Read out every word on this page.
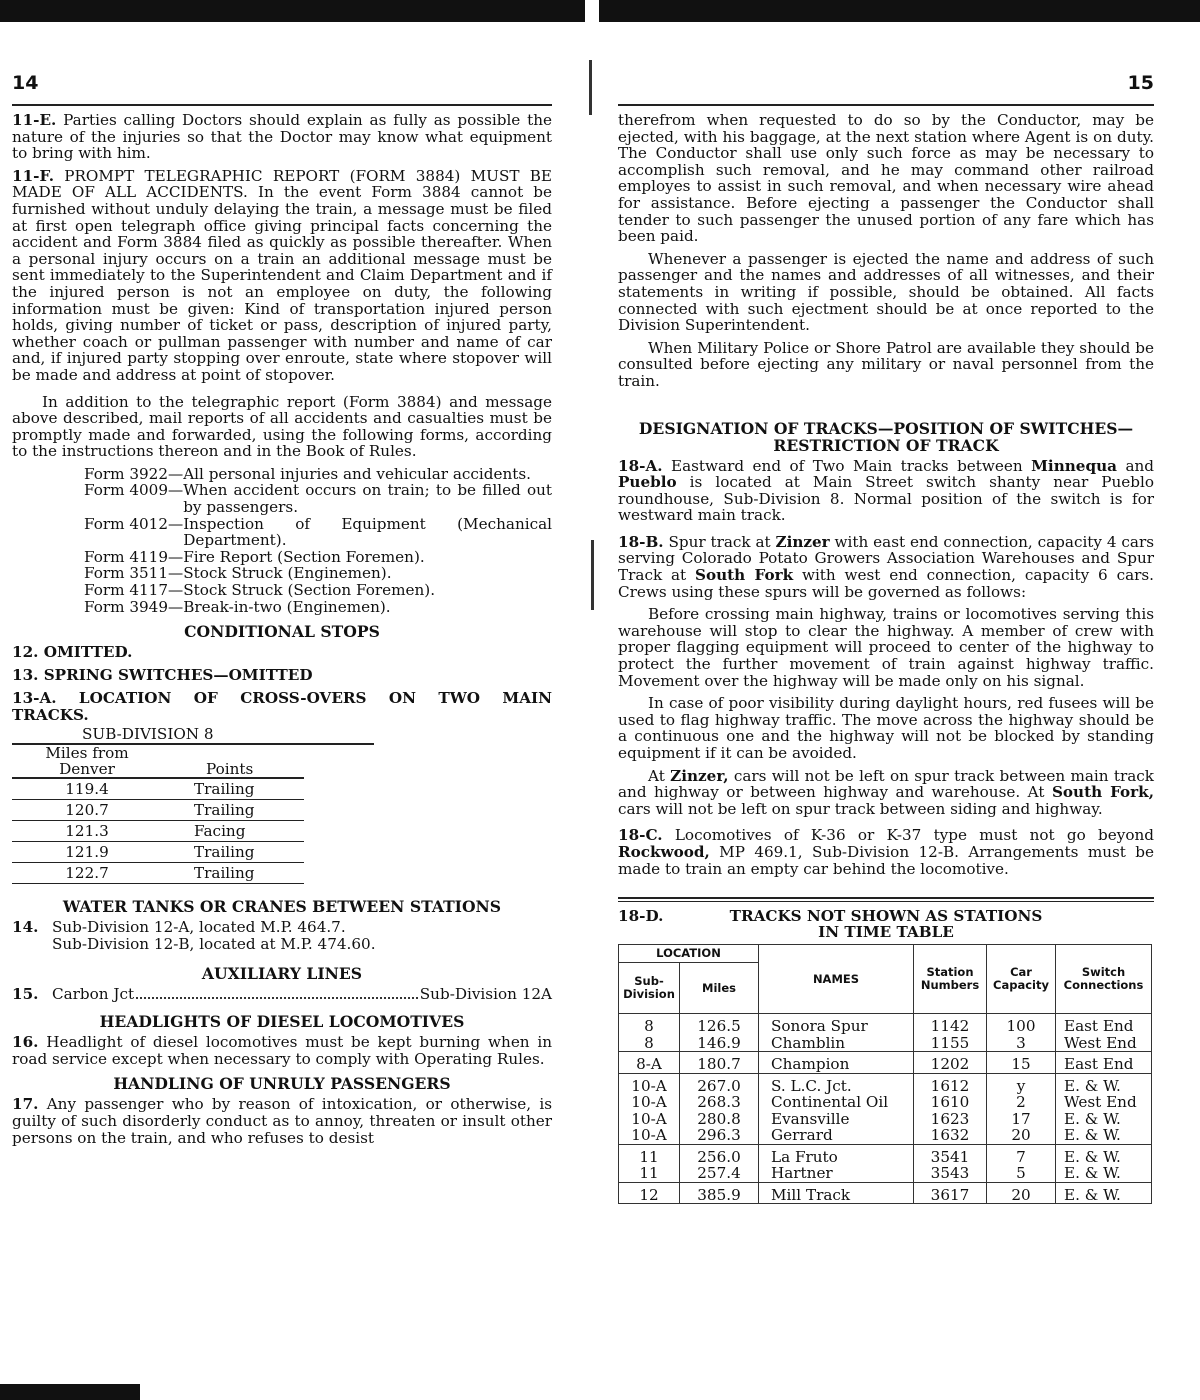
14

11-E. Parties calling Doctors should explain as fully as possible the nature of the injuries so that the Doctor may know what equipment to bring with him.

11-F. PROMPT TELEGRAPHIC REPORT (FORM 3884) MUST BE MADE OF ALL ACCIDENTS. In the event Form 3884 cannot be furnished without unduly delaying the train, a message must be filed at first open telegraph office giving principal facts concerning the accident and Form 3884 filed as quickly as possible thereafter. When a personal injury occurs on a train an additional message must be sent immediately to the Superintendent and Claim Department and if the injured person is not an employee on duty, the following information must be given: Kind of transportation injured person holds, giving number of ticket or pass, description of injured party, whether coach or pullman passenger with number and name of car and, if injured party stopping over enroute, state where stopover will be made and address at point of stopover.

In addition to the telegraphic report (Form 3884) and message above described, mail reports of all accidents and casualties must be promptly made and forwarded, using the following forms, according to the instructions thereon and in the Book of Rules.

Form 3922— All personal injuries and vehicular accidents.
Form 4009— When accident occurs on train; to be filled out by passengers.
Form 4012— Inspection of Equipment (Mechanical Department).
Form 4119— Fire Report (Section Foremen).
Form 3511— Stock Struck (Enginemen).
Form 4117— Stock Struck (Section Foremen).
Form 3949— Break-in-two (Enginemen).
CONDITIONAL STOPS
12. OMITTED.
13. SPRING SWITCHES—OMITTED
13-A. LOCATION OF CROSS-OVERS ON TWO MAIN TRACKS.
SUB-DIVISION 8
Miles from
Denver	Points
119.4	Trailing
120.7	Trailing
121.3	Facing
121.9	Trailing
122.7	Trailing
WATER TANKS OR CRANES BETWEEN STATIONS
14. Sub-Division 12-A, located M.P. 464.7.
Sub-Division 12-B, located at M.P. 474.60.
AUXILIARY LINES
15. Carbon Jct	Sub-Division 12A
HEADLIGHTS OF DIESEL LOCOMOTIVES

16. Headlight of diesel locomotives must be kept burning when in road service except when necessary to comply with Operating Rules.

HANDLING OF UNRULY PASSENGERS

17. Any passenger who by reason of intoxication, or otherwise, is guilty of such disorderly conduct as to annoy, threaten or insult other persons on the train, and who refuses to desist

15

therefrom when requested to do so by the Conductor, may be ejected, with his baggage, at the next station where Agent is on duty. The Conductor shall use only such force as may be necessary to accomplish such removal, and he may command other railroad employes to assist in such removal, and when necessary wire ahead for assistance. Before ejecting a passenger the Conductor shall tender to such passenger the unused portion of any fare which has been paid.

Whenever a passenger is ejected the name and address of such passenger and the names and addresses of all witnesses, and their statements in writing if possible, should be obtained. All facts connected with such ejectment should be at once reported to the Division Superintendent.

When Military Police or Shore Patrol are available they should be consulted before ejecting any military or naval personnel from the train.

DESIGNATION OF TRACKS—POSITION OF SWITCHES—RESTRICTION OF TRACK

18-A. Eastward end of Two Main tracks between Minnequa and Pueblo is located at Main Street switch shanty near Pueblo roundhouse, Sub-Division 8. Normal position of the switch is for westward main track.

18-B. Spur track at Zinzer with east end connection, capacity 4 cars serving Colorado Potato Growers Association Warehouses and Spur Track at South Fork with west end connection, capacity 6 cars. Crews using these spurs will be governed as follows:

Before crossing main highway, trains or locomotives serving this warehouse will stop to clear the highway. A member of crew with proper flagging equipment will proceed to center of the highway to protect the further movement of train against highway traffic. Movement over the highway will be made only on his signal.

In case of poor visibility during daylight hours, red fusees will be used to flag highway traffic. The move across the highway should be a continuous one and the highway will not be blocked by standing equipment if it can be avoided.

At Zinzer, cars will not be left on spur track between main track and highway or between highway and warehouse. At South Fork, cars will not be left on spur track between siding and highway.

18-C. Locomotives of K-36 or K-37 type must not go beyond Rockwood, MP 469.1, Sub-Division 12-B. Arrangements must be made to train an empty car behind the locomotive.

18-D.	TRACKS NOT SHOWN AS STATIONS
IN TIME TABLE
LOCATION		NAMES	Station Numbers	Car Capacity	Switch Connections
Sub-Division	Miles				
8	126.5	Sonora Spur	1142	100	East End
8	146.9	Chamblin	1155	3	West End
8-A	180.7	Champion	1202	15	East End
10-A	267.0	S. L.C. Jct.	1612	y	E. & W.
10-A	268.3	Continental Oil	1610	2	West End
10-A	280.8	Evansville	1623	17	E. & W.
10-A	296.3	Gerrard	1632	20	E. & W.
11	256.0	La Fruto	3541	7	E. & W.
11	257.4	Hartner	3543	5	E. & W.
12	385.9	Mill Track	3617	20	E. & W.
